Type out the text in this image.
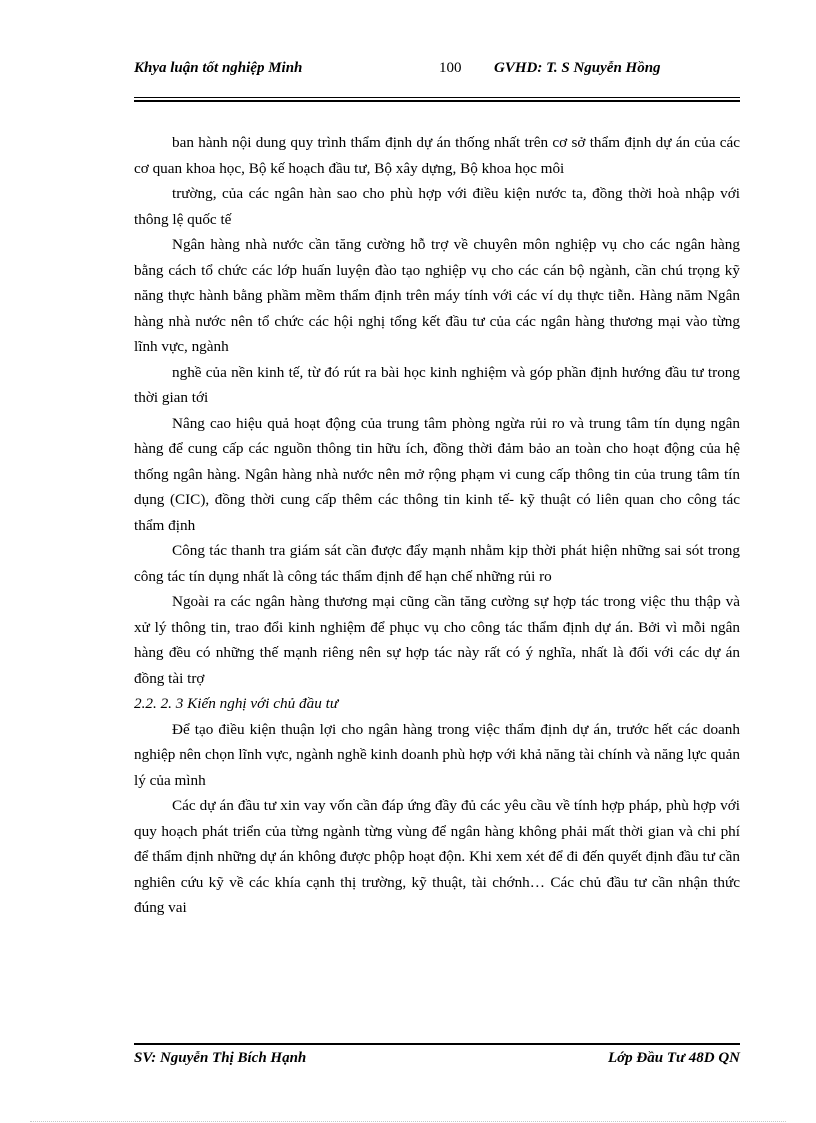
Khya luận tốt nghiệp Minh	100 GVHD: T. S Nguyễn Hồng

ban hành nội dung quy trình thẩm định dự án thống nhất trên cơ sở thẩm định dự án của các cơ quan khoa học, Bộ kế hoạch đầu tư, Bộ xây dựng, Bộ khoa học môi

trường, của các ngân hàn sao cho phù hợp với điều kiện nước ta, đồng thời hoà nhập với thông lệ quốc tế

Ngân hàng nhà nước cần tăng cường hỗ trợ về chuyên môn nghiệp vụ cho các ngân hàng bằng cách tổ chức các lớp huấn luyện đào tạo nghiệp vụ cho các cán bộ ngành, cần chú trọng kỹ năng thực hành bằng phầm mềm thẩm định trên máy tính với các ví dụ thực tiễn. Hàng năm Ngân hàng nhà nước nên tổ chức các hội nghị tổng kết đầu tư của các ngân hàng thương mại vào từng lĩnh vực, ngành

nghề của nền kinh tế, từ đó rút ra bài học kinh nghiệm và góp phần định hướng đầu tư trong thời gian tới

Nâng cao hiệu quả hoạt động của trung tâm phòng ngừa rủi ro và trung tâm tín dụng ngân hàng để cung cấp các nguồn thông tin hữu ích, đồng thời đảm bảo an toàn cho hoạt động của hệ thống ngân hàng. Ngân hàng nhà nước nên mở rộng phạm vi cung cấp thông tin của trung tâm tín dụng (CIC), đồng thời cung cấp thêm các thông tin kinh tế- kỹ thuật có liên quan cho công tác thẩm định

Công tác thanh tra giám sát cần được đẩy mạnh nhằm kịp thời phát hiện những sai sót trong công tác tín dụng nhất là công tác thẩm định để hạn chế những rủi ro

Ngoài ra các ngân hàng thương mại cũng cần tăng cường sự hợp tác trong việc thu thập và xử lý thông tin, trao đổi kinh nghiệm để phục vụ cho công tác thẩm định dự án. Bởi vì mỗi ngân hàng đều có những thế mạnh riêng nên sự hợp tác này rất có ý nghĩa, nhất là đối với các dự án đồng tài trợ

2.2. 2. 3 Kiến nghị với chủ đầu tư

Để tạo điều kiện thuận lợi cho ngân hàng trong việc thẩm định dự án, trước hết các doanh nghiệp nên chọn lĩnh vực, ngành nghề kinh doanh phù hợp với khả năng tài chính và năng lực quản lý của mình

Các dự án đầu tư xin vay vốn cần đáp ứng đầy đủ các yêu cầu về tính hợp pháp, phù hợp với quy hoạch phát triển của từng ngành từng vùng để ngân hàng không phải mất thời gian và chi phí để thẩm định những dự án không được phộp hoạt độn. Khi xem xét để đi đến quyết định đầu tư cần nghiên cứu kỹ về các khía cạnh thị trường, kỹ thuật, tài chớnh… Các chủ đầu tư cần nhận thức đúng vai

SV: Nguyễn Thị Bích Hạnh	Lớp Đầu Tư 48D QN
